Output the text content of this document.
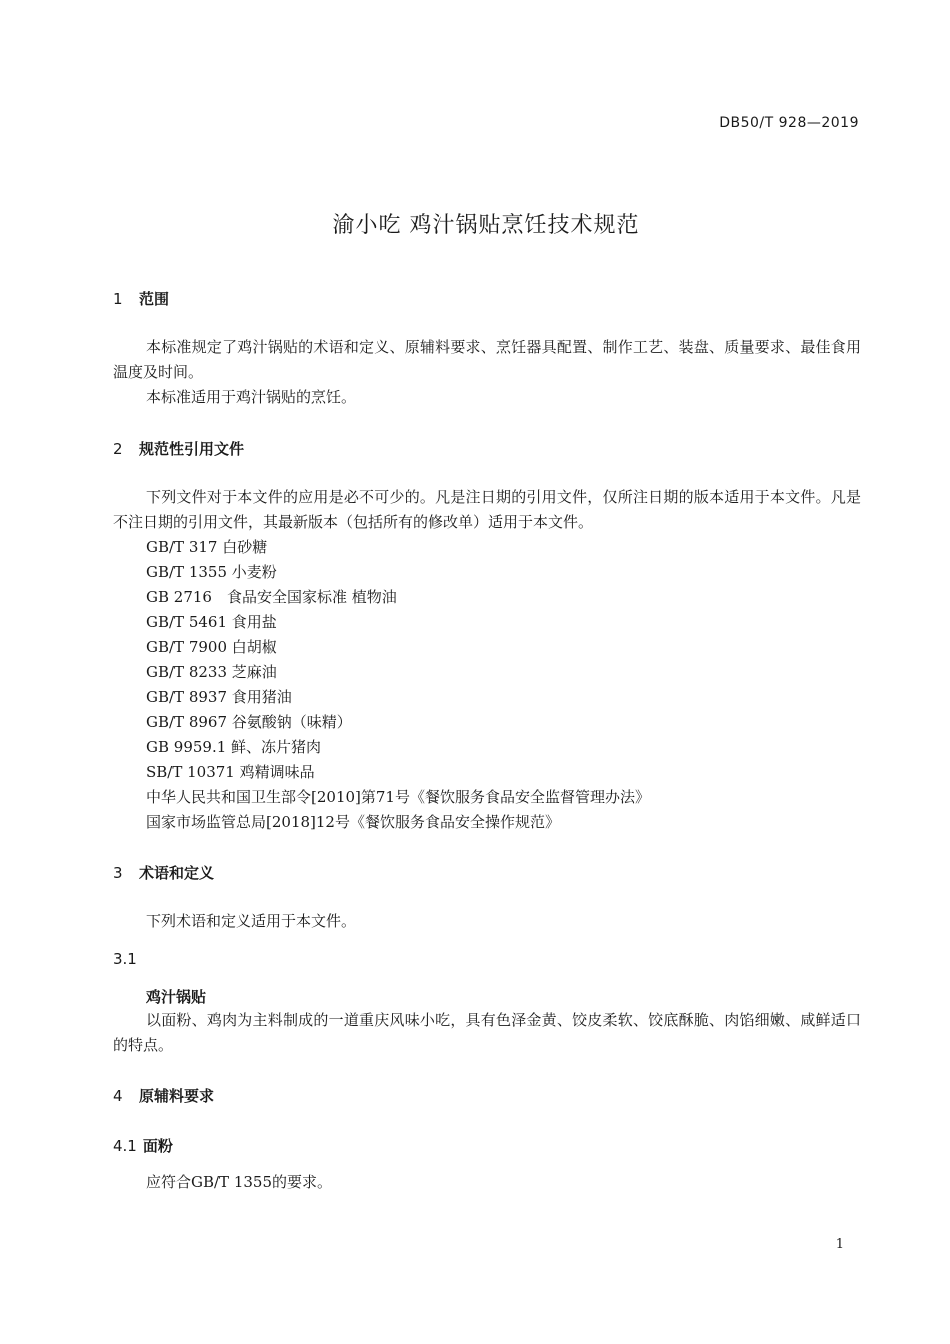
DB50/T 928—2019
渝小吃 鸡汁锅贴烹饪技术规范
1 范围

本标准规定了鸡汁锅贴的术语和定义、原辅料要求、烹饪器具配置、制作工艺、装盘、质量要求、最佳食用温度及时间。

本标准适用于鸡汁锅贴的烹饪。

2 规范性引用文件

下列文件对于本文件的应用是必不可少的。凡是注日期的引用文件，仅所注日期的版本适用于本文件。凡是不注日期的引用文件，其最新版本（包括所有的修改单）适用于本文件。

GB/T 317 白砂糖
GB/T 1355 小麦粉
GB 2716　食品安全国家标准 植物油
GB/T 5461 食用盐
GB/T 7900 白胡椒
GB/T 8233 芝麻油
GB/T 8937 食用猪油
GB/T 8967 谷氨酸钠（味精）
GB 9959.1 鲜、冻片猪肉
SB/T 10371 鸡精调味品
中华人民共和国卫生部令[2010]第71号《餐饮服务食品安全监督管理办法》
国家市场监管总局[2018]12号《餐饮服务食品安全操作规范》
3 术语和定义

下列术语和定义适用于本文件。

3.1
鸡汁锅贴

以面粉、鸡肉为主料制成的一道重庆风味小吃，具有色泽金黄、饺皮柔软、饺底酥脆、肉馅细嫩、咸鲜适口的特点。

4 原辅料要求
4.1 面粉

应符合GB/T 1355的要求。

1
